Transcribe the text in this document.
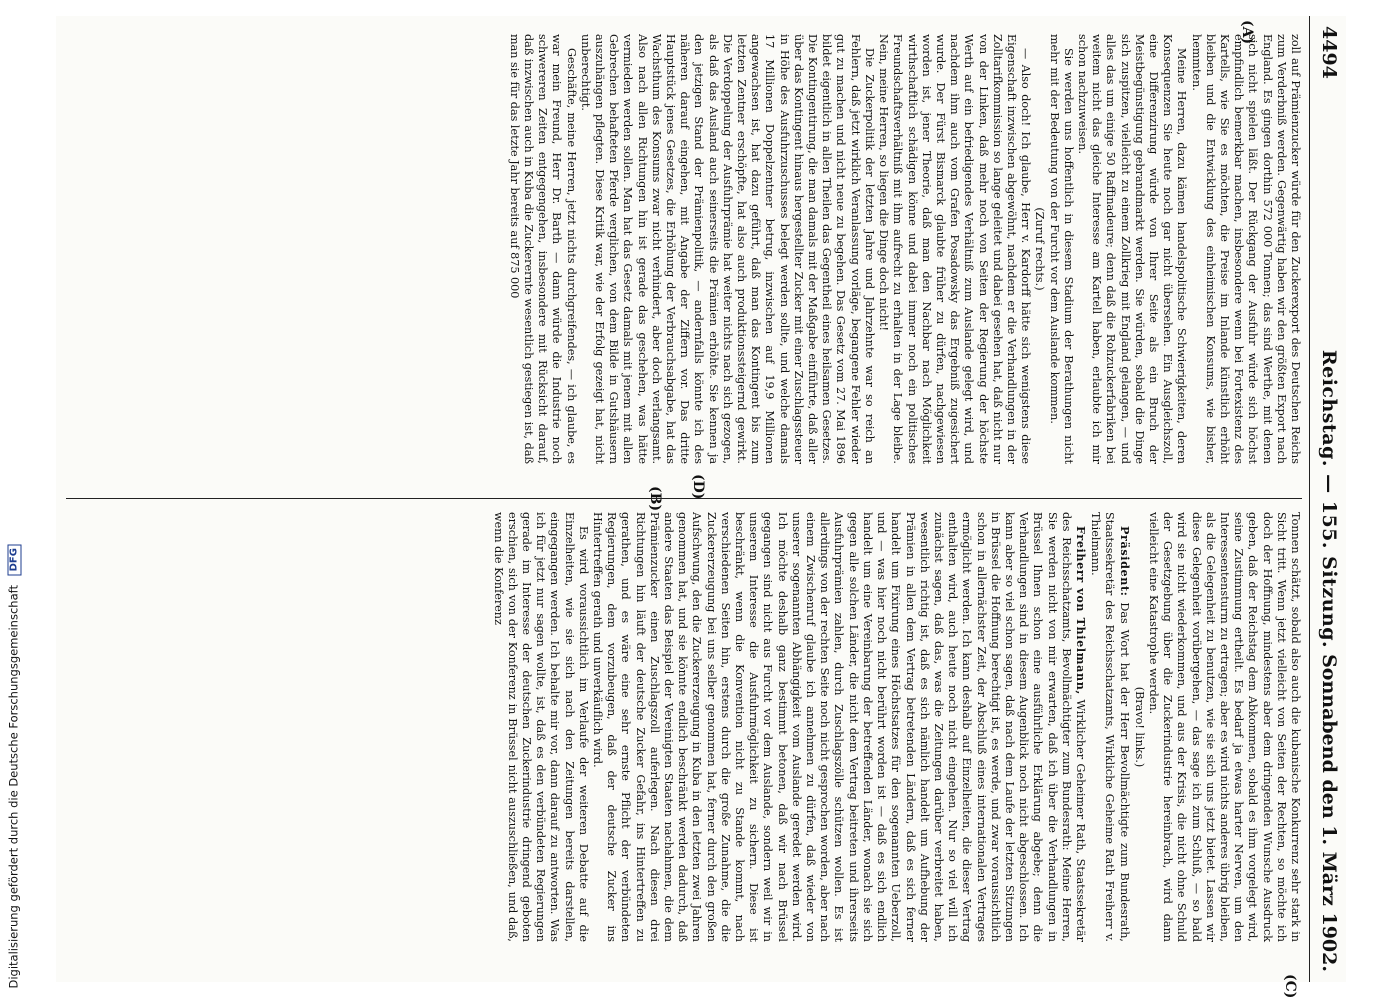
Digitalisierung gefördert durch die Deutsche Forschungsgemeinschaft DFG
4494
Reichstag. — 155. Sitzung.
Sonnabend den 1. März 1902.
(A)

zoll auf Prämienzucker würde für den Zuckerexport des Deutschen Reichs zum Verderbniß werden. Gegenwärtig haben wir den größten Export nach England. Es gingen dorthin 572 000 Tonnen; das sind Werthe, mit denen sich nicht spielen läßt. Der Rückgang der Ausfuhr würde sich höchst empfindlich bemerkbar machen, insbesondere wenn bei Fortexistenz des Kartells, wie Sie es möchten, die Preise im Inlande künstlich erhöht bleiben und die Entwicklung des einheimischen Konsums, wie bisher, hemmten.

Meine Herren, dazu kämen handelspolitische Schwierigkeiten, deren Konsequenzen Sie heute noch gar nicht übersehen. Ein Ausgleichszoll, eine Differenzirung würde von Ihrer Seite als ein Bruch der Meistbegünstigung gebrandmarkt werden. Sie würden, sobald die Dinge sich zuspitzen, vielleicht zu einem Zollkrieg mit England gelangen, — und alles das um einige 50 Raffinadeure; denn daß die Rohzuckerfabriken bei weitem nicht das gleiche Interesse am Kartell haben, erlaubte ich mir schon nachzuweisen.

Sie werden uns hoffentlich in diesem Stadium der Berathungen nicht mehr mit der Bedeutung von der Furcht vor dem Auslande kommen.

(Zuruf rechts.)

— Also doch! Ich glaube, Herr v. Kardorff hätte sich wenigstens diese Eigenschaft inzwischen abgewöhnt, nachdem er die Verhandlungen in der Zolltarifkommission so lange geleitet und dabei gesehen hat, daß nicht nur von der Linken, daß mehr noch von Seiten der Regierung der höchste Werth auf ein befriedigendes Verhältniß zum Auslande gelegt wird, und nachdem ihm auch vom Grafen Posadowsky das Ergebniß zugesichert wurde. Der Fürst Bismarck glaubte früher zu dürfen, nachgewiesen worden ist, jener Theorie, daß man den Nachbar nach Möglichkeit wirthschaftlich schädigen könne und dabei immer noch ein politisches Freundschaftsverhältniß mit ihm aufrecht zu erhalten in der Lage bleibe. Nein, meine Herren, so liegen die Dinge doch nicht!

Die Zuckerpolitik der letzten Jahre und Jahrzehnte war so reich an Fehlern, daß jetzt wirklich Veranlassung vorläge, begangene Fehler wieder gut zu machen und nicht neue zu begehen. Das Gesetz vom 27. Mai 1896 bildet eigentlich in allen Theilen das Gegentheil eines heilsamen Gesetzes. Die Kontingentirung, die man damals mit der Maßgabe einführte, daß aller über das Kontingent hinaus hergestellter Zucker mit einer Zuschlagssteuer in Höhe des Ausfuhrzuschusses belegt werden sollte, und welche damals 17 Millionen Doppelzentner betrug, inzwischen auf 19,9 Millionen angewachsen ist, hat dazu geführt, daß man das Kontingent bis zum letzten Zentner erschöpfte, hat also auch produktionssteigernd gewirkt. Die Verdoppelung der Ausfuhrprämie hat weiter nichts nach sich gezogen, als daß das Ausland auch seinerseits die Prämien erhöhte. Sie kennen ja den jetzigen Stand der Prämienpolitik, — andernfalls könnte ich des näheren darauf eingehen, mit Angabe der Ziffern vor. Das dritte Hauptstück jenes Gesetzes, die Erhöhung der Verbrauchsabgabe, hat das Wachsthum des Konsums zwar nicht verhindert, aber doch verlangsamt. Also nach allen Richtungen hin ist gerade das geschehen, was hätte vermieden werden sollen. Man hat das Gesetz damals mit jenem mit allen Gebrechen behafteten Pferde verglichen, von dem Bilde in Gutshäusern auszuhängen pflegten. Diese Kritik war, wie der Erfolg gezeigt hat, nicht unberechtigt.

Geschäfte, meine Herren, jetzt nichts durchgreifendes, — ich glaube, es war mein Freund, Herr Dr. Barth — dann würde die Industrie noch schwereren Zeiten entgegengehen, insbesondere mit Rücksicht darauf, daß inzwischen auch in Kuba die Zuckerernte wesentlich gestiegen ist, daß man sie für das letzte Jahr bereits auf 875 000

(B)

Tonnen schätzt, sobald also auch die kubanische Konkurrenz sehr stark in Sicht tritt. Wenn jetzt vielleicht von Seiten der Rechten, so möchte ich doch der Hoffnung, mindestens aber dem dringenden Wunsche Ausdruck geben, daß der Reichstag dem Abkommen, sobald es ihm vorgelegt wird, seine Zustimmung ertheilt. Es bedarf ja etwas harter Nerven, um den Interessentensturm zu ertragen; aber es wird nichts anderes übrig bleiben, als die Gelegenheit zu benutzen, wie sie sich uns jetzt bietet. Lassen wir diese Gelegenheit vorübergehen, — das sage ich zum Schluß, — so bald wird sie nicht wiederkommen, und aus der Krisis, die nicht ohne Schuld der Gesetzgebung über die Zuckerindustrie hereinbrach, wird dann vielleicht eine Katastrophe werden.

(Bravo! links.)

Präsident: Das Wort hat der Herr Bevollmächtigte zum Bundesrath, Staatssekretär des Reichsschatzamts, Wirkliche Geheime Rath Freiherr v. Thielmann.

Freiherr von Thielmann, Wirklicher Geheimer Rath, Staatssekretär des Reichsschatzamts, Bevollmächtigter zum Bundesrath: Meine Herren, Sie werden nicht von mir erwarten, daß ich über die Verhandlungen in Brüssel Ihnen schon eine ausführliche Erklärung abgebe; denn die Verhandlungen sind in diesem Augenblick noch nicht abgeschlossen. Ich kann aber so viel schon sagen, daß nach dem Laufe der letzten Sitzungen in Brüssel die Hoffnung berechtigt ist, es werde, und zwar voraussichtlich schon in allernächster Zeit, der Abschluß eines internationalen Vertrages ermöglicht werden. Ich kann deshalb auf Einzelheiten, die dieser Vertrag enthalten wird, auch heute noch nicht eingehen. Nur so viel will ich zunächst sagen, daß das, was die Zeitungen darüber verbreitet haben, wesentlich richtig ist, daß es sich nämlich handelt um Aufhebung der Prämien in allen dem Vertrag betretenden Ländern, daß es sich ferner handelt um Fixirung eines Höchstsatzes für den sogenannten Ueberzoll, und — was hier noch nicht berührt worden ist — daß es sich endlich handelt um eine Vereinbarung der betreffenden Länder, wonach sie sich gegen alle solchen Länder, die nicht dem Vertrag beitreten und ihrerseits Ausfuhrprämien zahlen, durch Zuschlagszölle schützen wollen. Es ist allerdings von der rechten Seite noch nicht gesprochen worden, aber nach einem Zwischenruf glaube ich annehmen zu dürfen, daß wieder von unserer sogenannten Abhängigkeit vom Auslande geredet werden wird. Ich möchte deshalb ganz bestimmt betonen, daß wir nach Brüssel gegangen sind nicht aus Furcht vor dem Auslande, sondern weil wir in unserem Interesse die Ausfuhrmöglichkeit zu sichern. Diese ist beschränkt, wenn die Konvention nicht zu Stande kommt, nach verschiedenen Seiten hin, erstens durch die große Zunahme, die die Zuckererzeugung bei uns selber genommen hat, ferner durch den großen Aufschwung, den die Zuckererzeugung in Kuba in den letzten zwei Jahren genommen hat, und sie könnte endlich beschränkt werden dadurch, daß andere Staaten das Beispiel der Vereinigten Staaten nachahmen, die dem Prämienzucker einen Zuschlagszoll auferlegen. Nach diesen drei Richtungen hin läuft der deutsche Zucker Gefahr, ins Hintertreffen zu gerathen, und es wäre eine sehr ernste Pflicht der verbündeten Regierungen, dem vorzubeugen, daß der deutsche Zucker ins Hintertreffen gerath und unverkäuflich wird.

Es wird voraussichtlich im Verlaufe der weiteren Debatte auf die Einzelheiten, wie sie sich nach den Zeitungen bereits darstellen, eingegangen werden. Ich behalte mir vor, dann darauf zu antworten. Was ich für jetzt nur sagen wollte, ist, daß es den verbündeten Regierungen gerade im Interesse der deutschen Zuckerindustrie dringend geboten erschien, sich von der Konferenz in Brüssel nicht auszuschließen, und daß, wenn die Konferenz

(C)
(D)
